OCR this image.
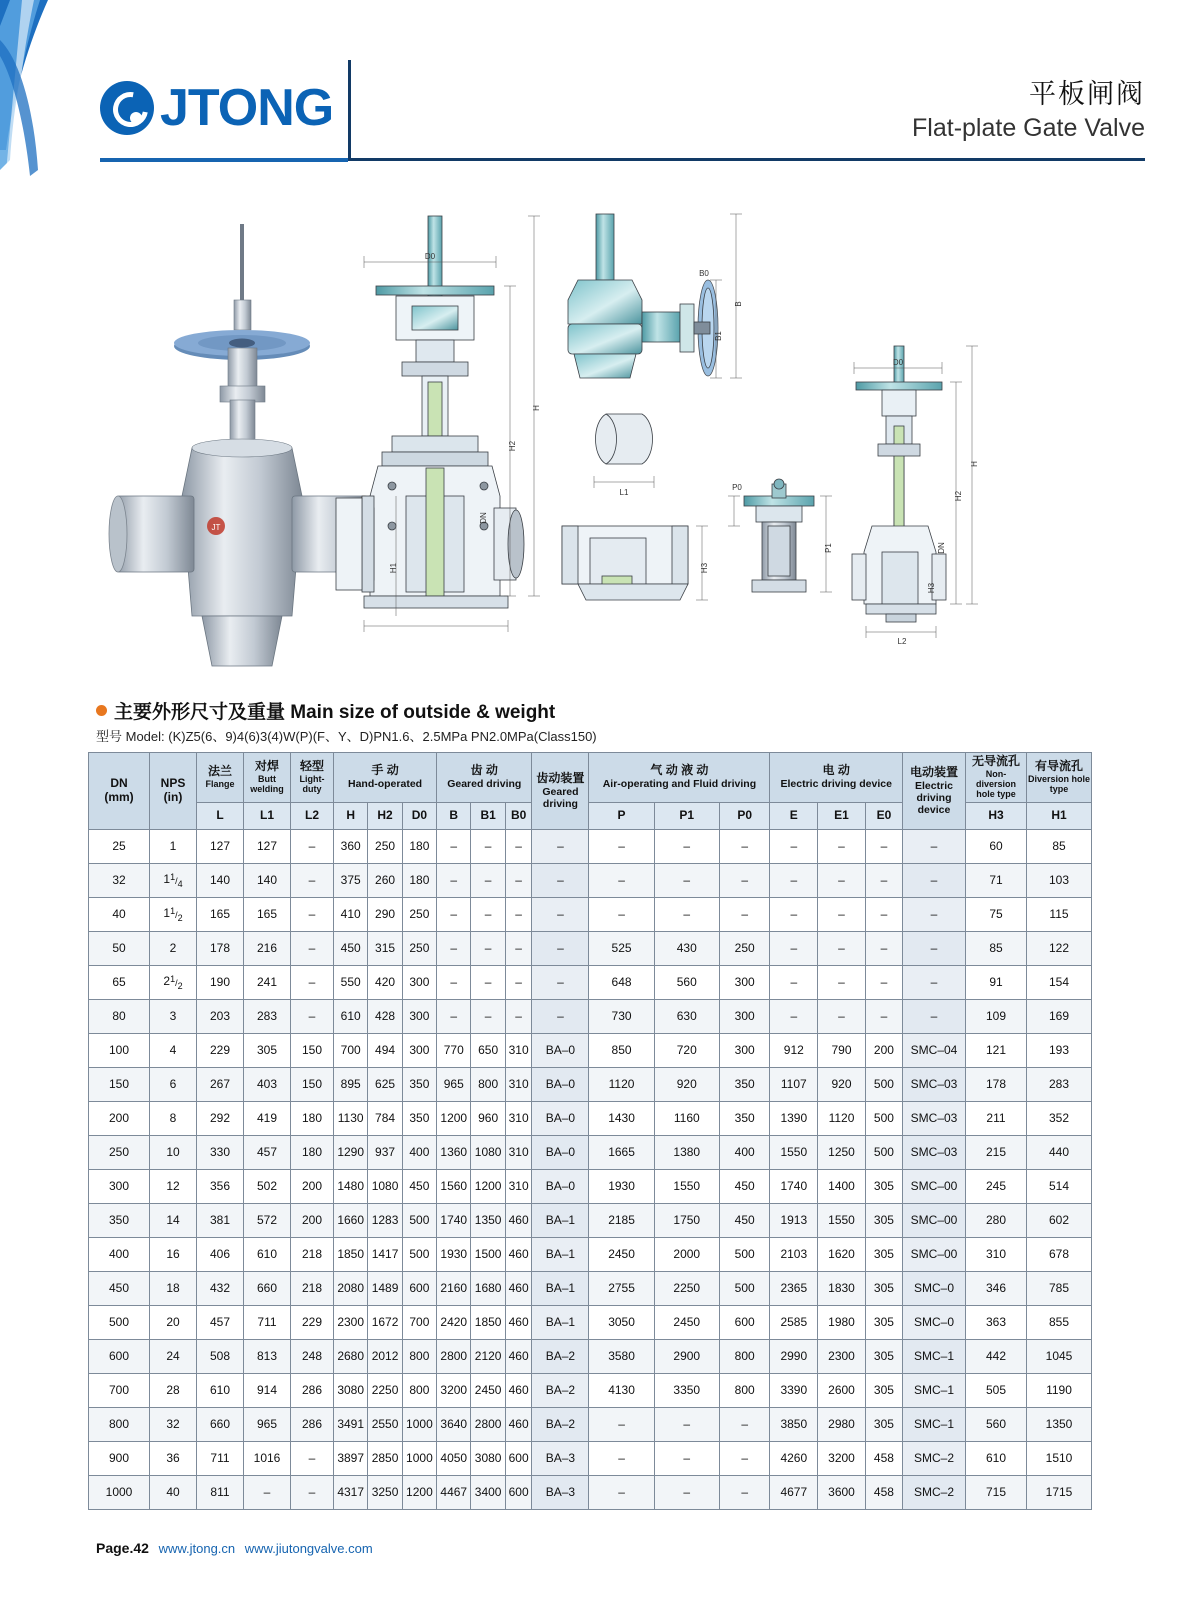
JTONG	平板闸阀
Flat-plate Gate Valve
JT
D0
H
H2
H1
DN
B
B1
B0
L1
H3
P0
P1
D0
H
H2
DN
H3
L2
主要外形尺寸及重量 Main size of outside & weight
型号 Model: (K)Z5(6、9)4(6)3(4)W(P)(F、Y、D)PN1.6、2.5MPa PN2.0MPa(Class150)
DN
(mm)

NPS
(in)

法兰
Flange

对焊
Butt welding

轻型
Light-duty

手 动
Hand-operated

齿 动
Geared driving	齿动装置
Geared driving

气 动 液 动
Air-operating and Fluid driving

电 动
Electric driving device

电动装置
Electric driving device

无导流孔
Non-diversion hole type

有导流孔
Diversion hole type

		L	L1	L2	H	H2	D0	B	B1	B0		P	P1	P0	E	E1	E0		H3	H1
25	1	127	127	–	360	250	180	–	–	–	–	–	–	–	–	–	–	–	60	85
32	$1^1/_4$	140	140	–	375	260	180	–	–	–	–	–	–	–	–	–	–	–	71	103
40	$1^1/_2$	165	165	–	410	290	250	–	–	–	–	–	–	–	–	–	–	–	75	115
50	2	178	216	–	450	315	250	–	–	–	–	525	430	250	–	–	–	–	85	122
65	$2^1/_2$	190	241	–	550	420	300	–	–	–	–	648	560	300	–	–	–	–	91	154
80	3	203	283	–	610	428	300	–	–	–	–	730	630	300	–	–	–	–	109	169
100	4	229	305	150	700	494	300	770	650	310	BA–0	850	720	300	912	790	200	SMC–04	121	193
150	6	267	403	150	895	625	350	965	800	310	BA–0	1120	920	350	1107	920	500	SMC–03	178	283
200	8	292	419	180	1130	784	350	1200	960	310	BA–0	1430	1160	350	1390	1120	500	SMC–03	211	352
250	10	330	457	180	1290	937	400	1360	1080	310	BA–0	1665	1380	400	1550	1250	500	SMC–03	215	440
300	12	356	502	200	1480	1080	450	1560	1200	310	BA–0	1930	1550	450	1740	1400	305	SMC–00	245	514
350	14	381	572	200	1660	1283	500	1740	1350	460	BA–1	2185	1750	450	1913	1550	305	SMC–00	280	602
400	16	406	610	218	1850	1417	500	1930	1500	460	BA–1	2450	2000	500	2103	1620	305	SMC–00	310	678
450	18	432	660	218	2080	1489	600	2160	1680	460	BA–1	2755	2250	500	2365	1830	305	SMC–0	346	785
500	20	457	711	229	2300	1672	700	2420	1850	460	BA–1	3050	2450	600	2585	1980	305	SMC–0	363	855
600	24	508	813	248	2680	2012	800	2800	2120	460	BA–2	3580	2900	800	2990	2300	305	SMC–1	442	1045
700	28	610	914	286	3080	2250	800	3200	2450	460	BA–2	4130	3350	800	3390	2600	305	SMC–1	505	1190
800	32	660	965	286	3491	2550	1000	3640	2800	460	BA–2	–	–	–	3850	2980	305	SMC–1	560	1350
900	36	711	1016	–	3897	2850	1000	4050	3080	600	BA–3	–	–	–	4260	3200	458	SMC–2	610	1510
1000	40	811	–	–	4317	3250	1200	4467	3400	600	BA–3	–	–	–	4677	3600	458	SMC–2	715	1715
Page.42 www.jtong.cn www.jiutongvalve.com
